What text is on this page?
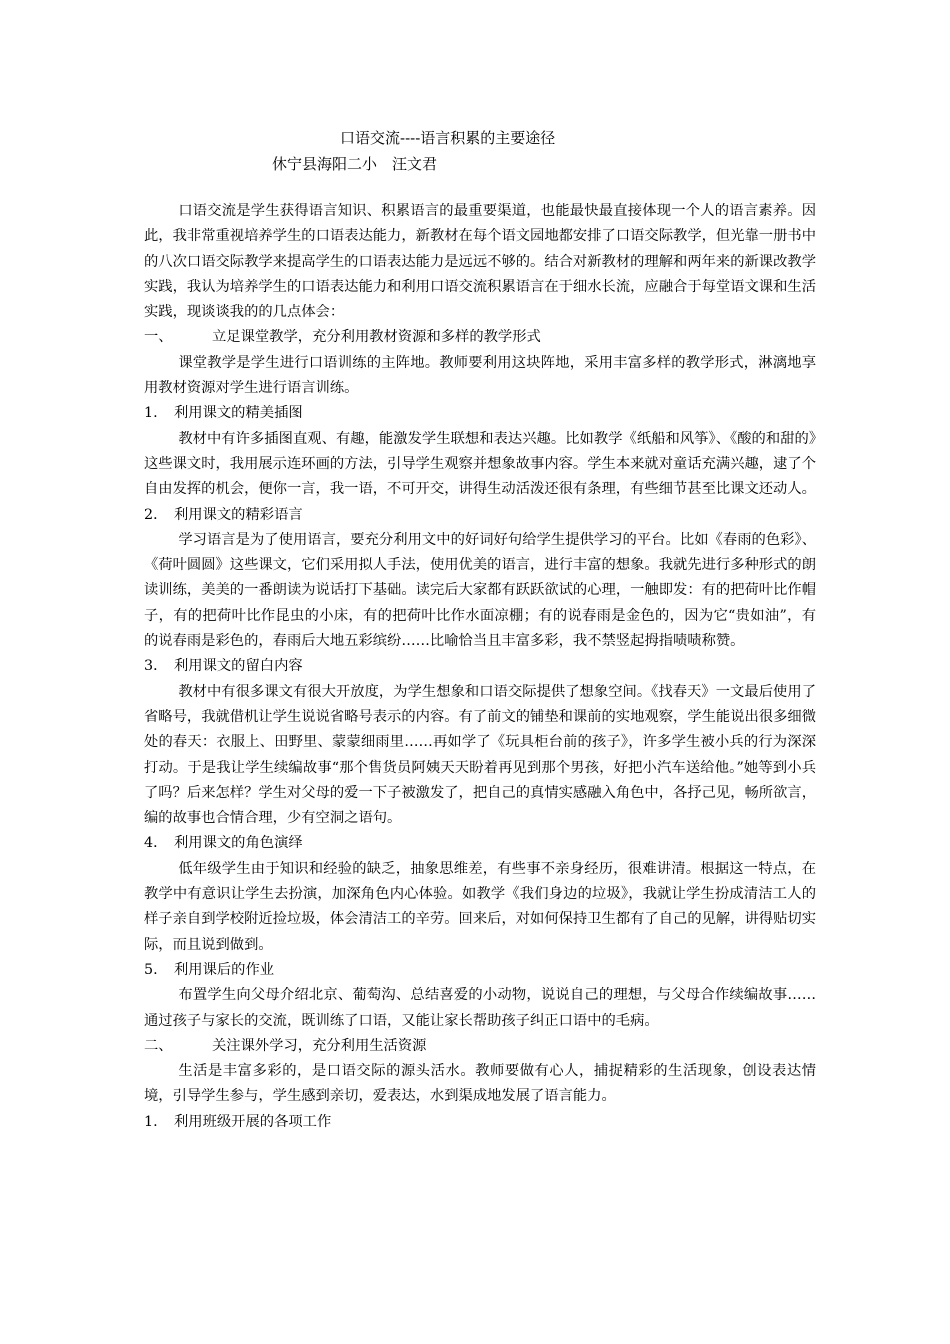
口语交流----语言积累的主要途径
休宁县海阳二小　汪文君

口语交流是学生获得语言知识、积累语言的最重要渠道，也能最快最直接体现一个人的语言素养。因此，我非常重视培养学生的口语表达能力，新教材在每个语文园地都安排了口语交际教学，但光靠一册书中的八次口语交际教学来提高学生的口语表达能力是远远不够的。结合对新教材的理解和两年来的新课改教学实践，我认为培养学生的口语表达能力和利用口语交流积累语言在于细水长流，应融合于每堂语文课和生活实践，现谈谈我的的几点体会：

一、	立足课堂教学，充分利用教材资源和多样的教学形式

课堂教学是学生进行口语训练的主阵地。教师要利用这块阵地，采用丰富多样的教学形式，淋漓地享用教材资源对学生进行语言训练。

1. 利用课文的精美插图

教材中有许多插图直观、有趣，能激发学生联想和表达兴趣。比如教学《纸船和风筝》、《酸的和甜的》这些课文时，我用展示连环画的方法，引导学生观察并想象故事内容。学生本来就对童话充满兴趣，逮了个自由发挥的机会，便你一言，我一语，不可开交，讲得生动活泼还很有条理，有些细节甚至比课文还动人。

2． 利用课文的精彩语言

学习语言是为了使用语言，要充分利用文中的好词好句给学生提供学习的平台。比如《春雨的色彩》、《荷叶圆圆》这些课文，它们采用拟人手法，使用优美的语言，进行丰富的想象。我就先进行多种形式的朗读训练，美美的一番朗读为说话打下基础。读完后大家都有跃跃欲试的心理，一触即发：有的把荷叶比作帽子，有的把荷叶比作昆虫的小床，有的把荷叶比作水面凉棚；有的说春雨是金色的，因为它“贵如油”，有的说春雨是彩色的，春雨后大地五彩缤纷……比喻恰当且丰富多彩，我不禁竖起拇指啧啧称赞。

3． 利用课文的留白内容

教材中有很多课文有很大开放度，为学生想象和口语交际提供了想象空间。《找春天》一文最后使用了省略号，我就借机让学生说说省略号表示的内容。有了前文的铺垫和课前的实地观察，学生能说出很多细微处的春天：衣服上、田野里、蒙蒙细雨里……再如学了《玩具柜台前的孩子》，许多学生被小兵的行为深深打动。于是我让学生续编故事“那个售货员阿姨天天盼着再见到那个男孩，好把小汽车送给他。”她等到小兵了吗？后来怎样？学生对父母的爱一下子被激发了，把自己的真情实感融入角色中，各抒己见，畅所欲言，编的故事也合情合理，少有空洞之语句。

4． 利用课文的角色演绎

低年级学生由于知识和经验的缺乏，抽象思维差，有些事不亲身经历，很难讲清。根据这一特点，在教学中有意识让学生去扮演，加深角色内心体验。如教学《我们身边的垃圾》，我就让学生扮成清洁工人的样子亲自到学校附近捡垃圾，体会清洁工的辛劳。回来后，对如何保持卫生都有了自己的见解，讲得贴切实际，而且说到做到。

5. 利用课后的作业

布置学生向父母介绍北京、葡萄沟、总结喜爱的小动物，说说自己的理想，与父母合作续编故事……通过孩子与家长的交流，既训练了口语，又能让家长帮助孩子纠正口语中的毛病。

二、	关注课外学习，充分利用生活资源

生活是丰富多彩的，是口语交际的源头活水。教师要做有心人，捕捉精彩的生活现象，创设表达情境，引导学生参与，学生感到亲切，爱表达，水到渠成地发展了语言能力。

1. 利用班级开展的各项工作
